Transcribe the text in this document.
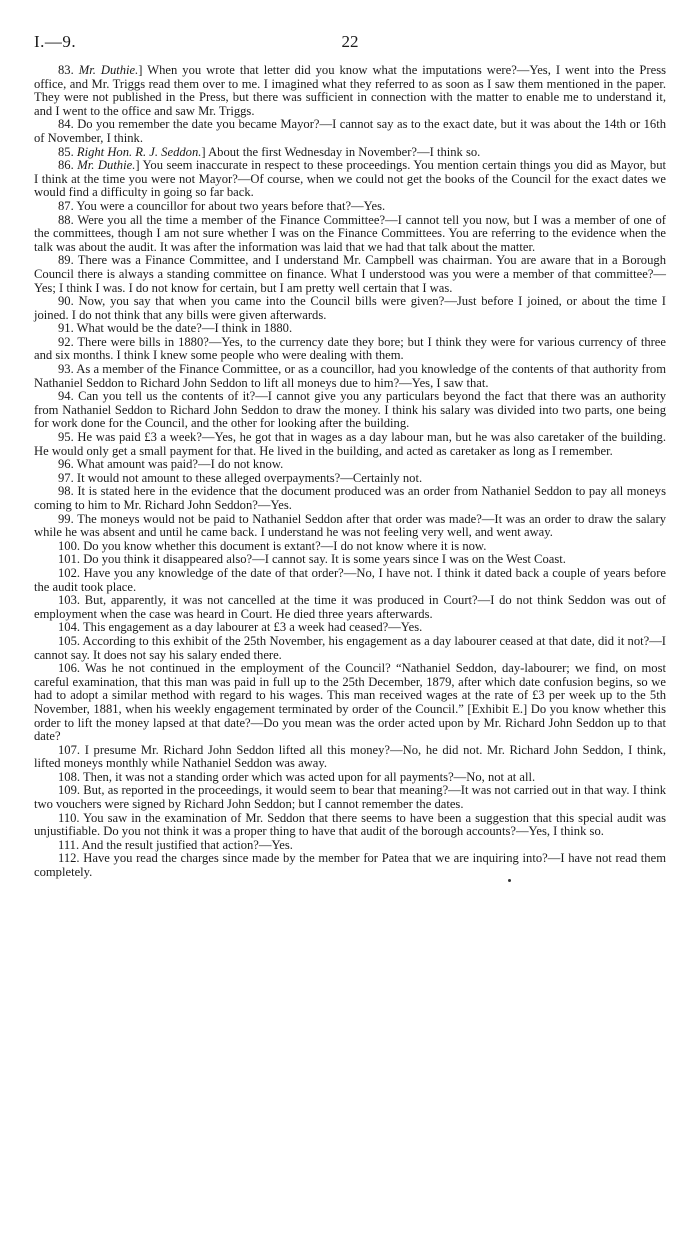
I.—9.	22

83. Mr. Duthie.] When you wrote that letter did you know what the imputations were?—Yes, I went into the Press office, and Mr. Triggs read them over to me. I imagined what they referred to as soon as I saw them mentioned in the paper. They were not published in the Press, but there was sufficient in connection with the matter to enable me to understand it, and I went to the office and saw Mr. Triggs.

84. Do you remember the date you became Mayor?—I cannot say as to the exact date, but it was about the 14th or 16th of November, I think.

85. Right Hon. R. J. Seddon.] About the first Wednesday in November?—I think so.

86. Mr. Duthie.] You seem inaccurate in respect to these proceedings. You mention certain things you did as Mayor, but I think at the time you were not Mayor?—Of course, when we could not get the books of the Council for the exact dates we would find a difficulty in going so far back.

87. You were a councillor for about two years before that?—Yes.

88. Were you all the time a member of the Finance Committee?—I cannot tell you now, but I was a member of one of the committees, though I am not sure whether I was on the Finance Committees. You are referring to the evidence when the talk was about the audit. It was after the information was laid that we had that talk about the matter.

89. There was a Finance Committee, and I understand Mr. Campbell was chairman. You are aware that in a Borough Council there is always a standing committee on finance. What I understood was you were a member of that committee?—Yes; I think I was. I do not know for certain, but I am pretty well certain that I was.

90. Now, you say that when you came into the Council bills were given?—Just before I joined, or about the time I joined. I do not think that any bills were given afterwards.

91. What would be the date?—I think in 1880.

92. There were bills in 1880?—Yes, to the currency date they bore; but I think they were for various currency of three and six months. I think I knew some people who were dealing with them.

93. As a member of the Finance Committee, or as a councillor, had you knowledge of the contents of that authority from Nathaniel Seddon to Richard John Seddon to lift all moneys due to him?—Yes, I saw that.

94. Can you tell us the contents of it?—I cannot give you any particulars beyond the fact that there was an authority from Nathaniel Seddon to Richard John Seddon to draw the money. I think his salary was divided into two parts, one being for work done for the Council, and the other for looking after the building.

95. He was paid £3 a week?—Yes, he got that in wages as a day labour man, but he was also caretaker of the building. He would only get a small payment for that. He lived in the building, and acted as caretaker as long as I remember.

96. What amount was paid?—I do not know.

97. It would not amount to these alleged overpayments?—Certainly not.

98. It is stated here in the evidence that the document produced was an order from Nathaniel Seddon to pay all moneys coming to him to Mr. Richard John Seddon?—Yes.

99. The moneys would not be paid to Nathaniel Seddon after that order was made?—It was an order to draw the salary while he was absent and until he came back. I understand he was not feeling very well, and went away.

100. Do you know whether this document is extant?—I do not know where it is now.

101. Do you think it disappeared also?—I cannot say. It is some years since I was on the West Coast.

102. Have you any knowledge of the date of that order?—No, I have not. I think it dated back a couple of years before the audit took place.

103. But, apparently, it was not cancelled at the time it was produced in Court?—I do not think Seddon was out of employment when the case was heard in Court. He died three years afterwards.

104. This engagement as a day labourer at £3 a week had ceased?—Yes.

105. According to this exhibit of the 25th November, his engagement as a day labourer ceased at that date, did it not?—I cannot say. It does not say his salary ended there.

106. Was he not continued in the employment of the Council? “Nathaniel Seddon, day-labourer; we find, on most careful examination, that this man was paid in full up to the 25th December, 1879, after which date confusion begins, so we had to adopt a similar method with regard to his wages. This man received wages at the rate of £3 per week up to the 5th November, 1881, when his weekly engagement terminated by order of the Council.” [Exhibit E.] Do you know whether this order to lift the money lapsed at that date?—Do you mean was the order acted upon by Mr. Richard John Seddon up to that date?

107. I presume Mr. Richard John Seddon lifted all this money?—No, he did not. Mr. Richard John Seddon, I think, lifted moneys monthly while Nathaniel Seddon was away.

108. Then, it was not a standing order which was acted upon for all payments?—No, not at all.

109. But, as reported in the proceedings, it would seem to bear that meaning?—It was not carried out in that way. I think two vouchers were signed by Richard John Seddon; but I cannot remember the dates.

110. You saw in the examination of Mr. Seddon that there seems to have been a suggestion that this special audit was unjustifiable. Do you not think it was a proper thing to have that audit of the borough accounts?—Yes, I think so.

111. And the result justified that action?—Yes.

112. Have you read the charges since made by the member for Patea that we are inquiring into?—I have not read them completely.
